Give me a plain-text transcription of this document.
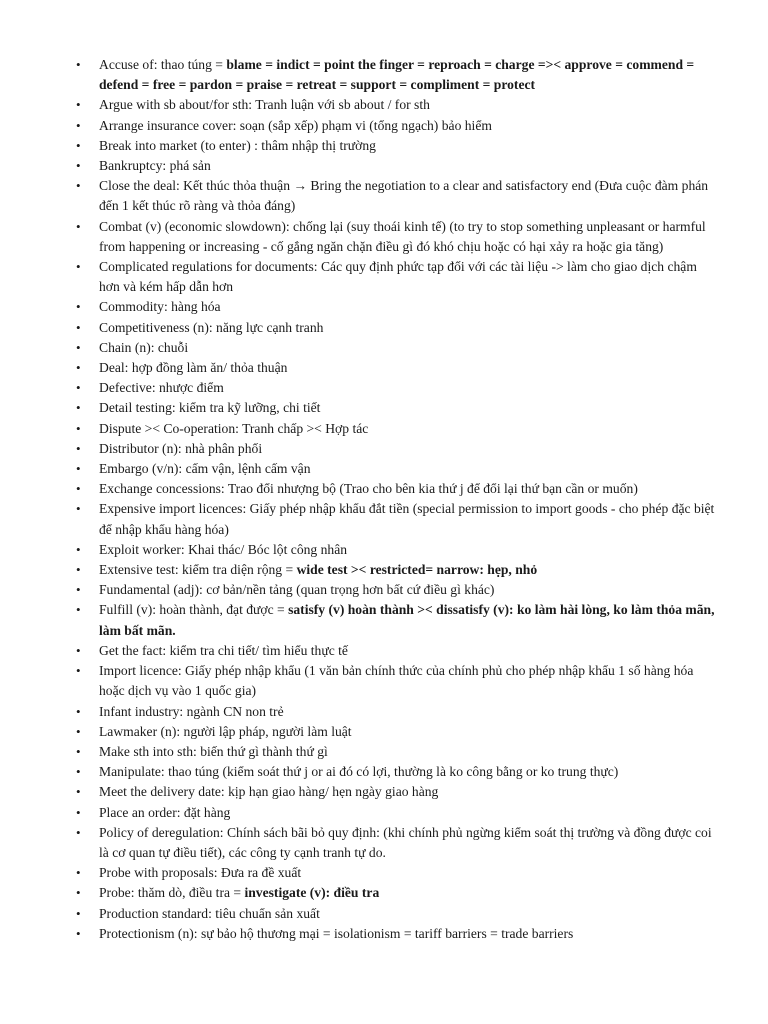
• Accuse of: thao túng = blame = indict = point the finger = reproach = charge =>< approve = commend = defend = free = pardon = praise = retreat = support = compliment = protect
• Argue with sb about/for sth: Tranh luận với sb about / for sth
• Arrange insurance cover: soạn (sắp xếp) phạm vi (tổng ngạch) bảo hiểm
• Break into market (to enter) : thâm nhập thị trường
• Bankruptcy: phá sản
• Close the deal: Kết thúc thỏa thuận → Bring the negotiation to a clear and satisfactory end (Đưa cuộc đàm phán đến 1 kết thúc rõ ràng và thỏa đáng)
• Combat (v) (economic slowdown): chống lại (suy thoái kinh tế) (to try to stop something unpleasant or harmful from happening or increasing - cố gắng ngăn chặn điều gì đó khó chịu hoặc có hại xảy ra hoặc gia tăng)
• Complicated regulations for documents: Các quy định phức tạp đối với các tài liệu -> làm cho giao dịch chậm hơn và kém hấp dẫn hơn
• Commodity: hàng hóa
• Competitiveness (n): năng lực cạnh tranh
• Chain (n): chuỗi
• Deal: hợp đồng làm ăn/ thỏa thuận
• Defective: nhược điểm
• Detail testing: kiểm tra kỹ lưỡng, chi tiết
• Dispute >< Co-operation: Tranh chấp >< Hợp tác
• Distributor (n): nhà phân phối
• Embargo (v/n): cấm vận, lệnh cấm vận
• Exchange concessions: Trao đổi nhượng bộ (Trao cho bên kia thứ j để đổi lại thứ bạn cần or muốn)
• Expensive import licences: Giấy phép nhập khẩu đắt tiền (special permission to import goods - cho phép đặc biệt để nhập khẩu hàng hóa)
• Exploit worker: Khai thác/ Bóc lột công nhân
• Extensive test: kiểm tra diện rộng = wide test >< restricted= narrow: hẹp, nhỏ
• Fundamental (adj): cơ bản/nền tảng (quan trọng hơn bất cứ điều gì khác)
• Fulfill (v): hoàn thành, đạt được = satisfy (v) hoàn thành >< dissatisfy (v): ko làm hài lòng, ko làm thỏa mãn, làm bất mãn.
• Get the fact: kiểm tra chi tiết/ tìm hiểu thực tế
• Import licence: Giấy phép nhập khẩu (1 văn bản chính thức của chính phủ cho phép nhập khẩu 1 số hàng hóa hoặc dịch vụ vào 1 quốc gia)
• Infant industry: ngành CN non trẻ
• Lawmaker (n): người lập pháp, người làm luật
• Make sth into sth: biến thứ gì thành thứ gì
• Manipulate: thao túng (kiểm soát thứ j or ai đó có lợi, thường là ko công bằng or ko trung thực)
• Meet the delivery date: kịp hạn giao hàng/ hẹn ngày giao hàng
• Place an order: đặt hàng
• Policy of deregulation: Chính sách bãi bỏ quy định: (khi chính phủ ngừng kiểm soát thị trường và đồng được coi là cơ quan tự điều tiết), các công ty cạnh tranh tự do.
• Probe with proposals: Đưa ra đề xuất
• Probe: thăm dò, điều tra = investigate (v): điều tra
• Production standard: tiêu chuẩn sản xuất
• Protectionism (n): sự bảo hộ thương mại = isolationism = tariff barriers = trade barriers
